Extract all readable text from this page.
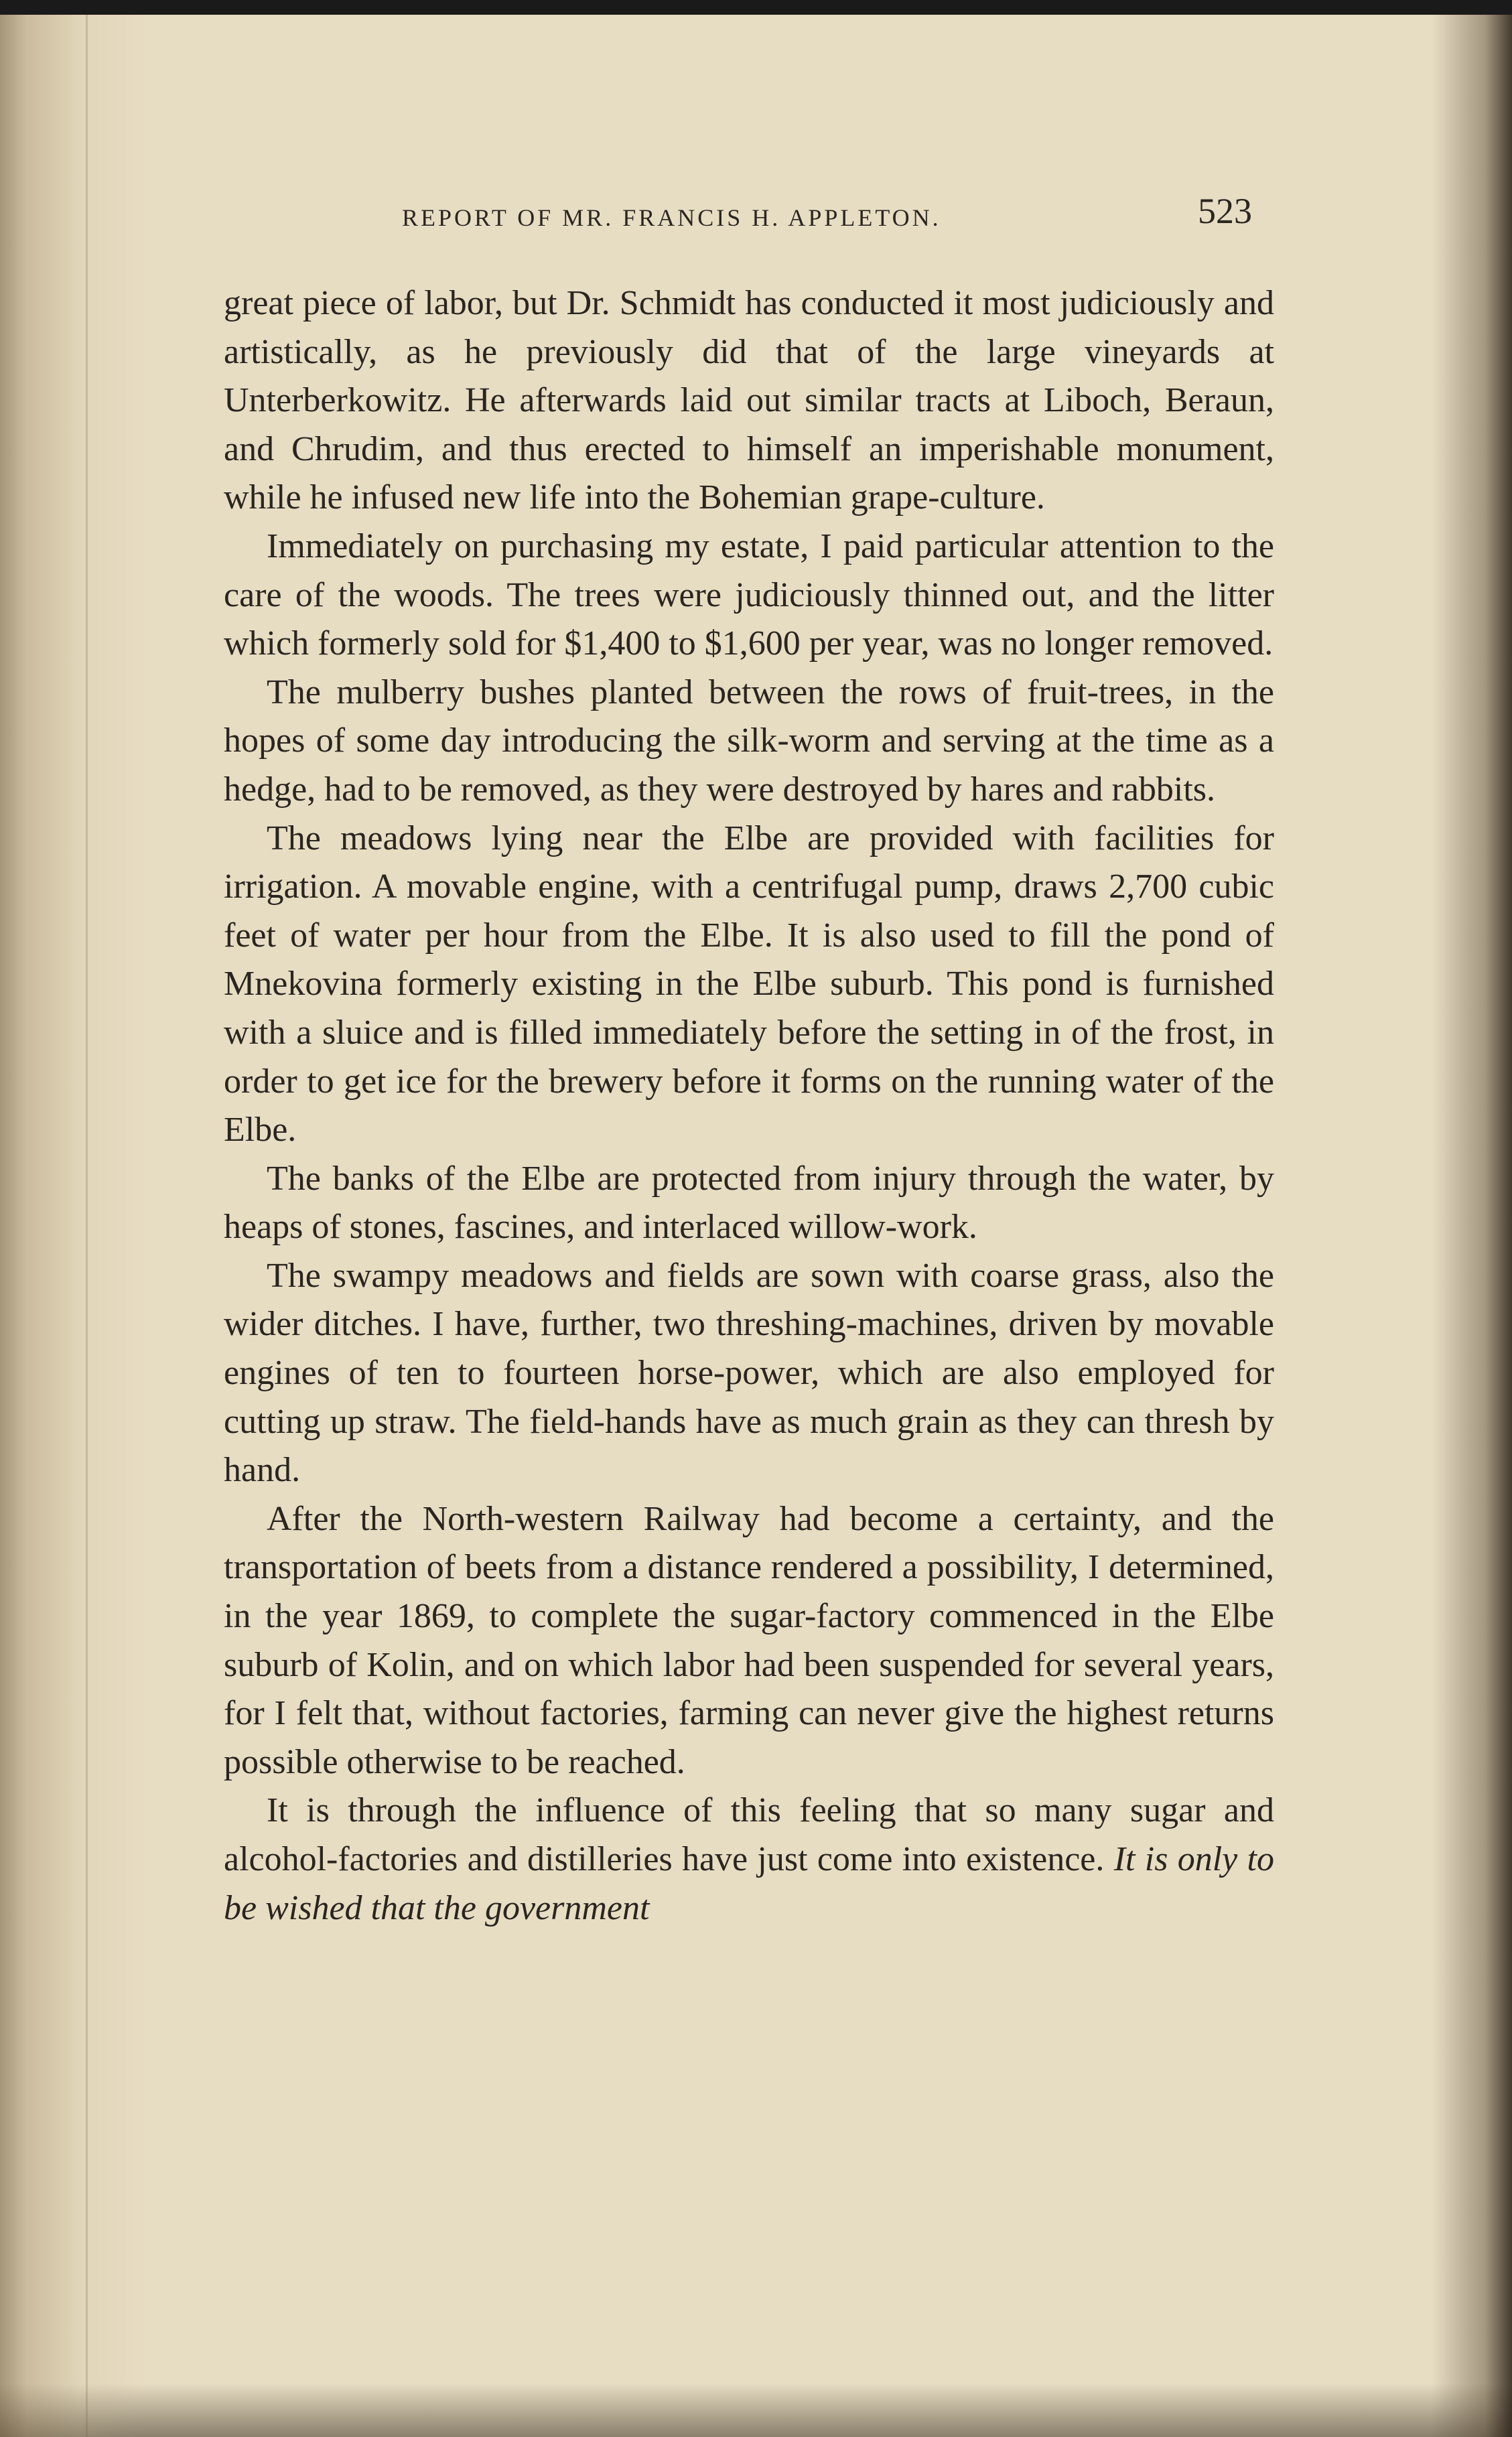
REPORT OF MR. FRANCIS H. APPLETON.	523

great piece of labor, but Dr. Schmidt has conducted it most judiciously and artistically, as he previously did that of the large vineyards at Unterberkowitz. He afterwards laid out similar tracts at Liboch, Beraun, and Chrudim, and thus erected to himself an imperishable monument, while he infused new life into the Bohemian grape-culture.

Immediately on purchasing my estate, I paid particular attention to the care of the woods. The trees were judiciously thinned out, and the litter which formerly sold for $1,400 to $1,600 per year, was no longer removed.

The mulberry bushes planted between the rows of fruit-trees, in the hopes of some day introducing the silk-worm and serving at the time as a hedge, had to be removed, as they were destroyed by hares and rabbits.

The meadows lying near the Elbe are provided with facilities for irrigation. A movable engine, with a centrifugal pump, draws 2,700 cubic feet of water per hour from the Elbe. It is also used to fill the pond of Mnekovina formerly existing in the Elbe suburb. This pond is furnished with a sluice and is filled immediately before the setting in of the frost, in order to get ice for the brewery before it forms on the running water of the Elbe.

The banks of the Elbe are protected from injury through the water, by heaps of stones, fascines, and interlaced willow-work.

The swampy meadows and fields are sown with coarse grass, also the wider ditches. I have, further, two threshing-machines, driven by movable engines of ten to fourteen horse-power, which are also employed for cutting up straw. The field-hands have as much grain as they can thresh by hand.

After the North-western Railway had become a certainty, and the transportation of beets from a distance rendered a possibility, I determined, in the year 1869, to complete the sugar-factory commenced in the Elbe suburb of Kolin, and on which labor had been suspended for several years, for I felt that, without factories, farming can never give the highest returns possible otherwise to be reached.

It is through the influence of this feeling that so many sugar and alcohol-factories and distilleries have just come into existence. It is only to be wished that the government
